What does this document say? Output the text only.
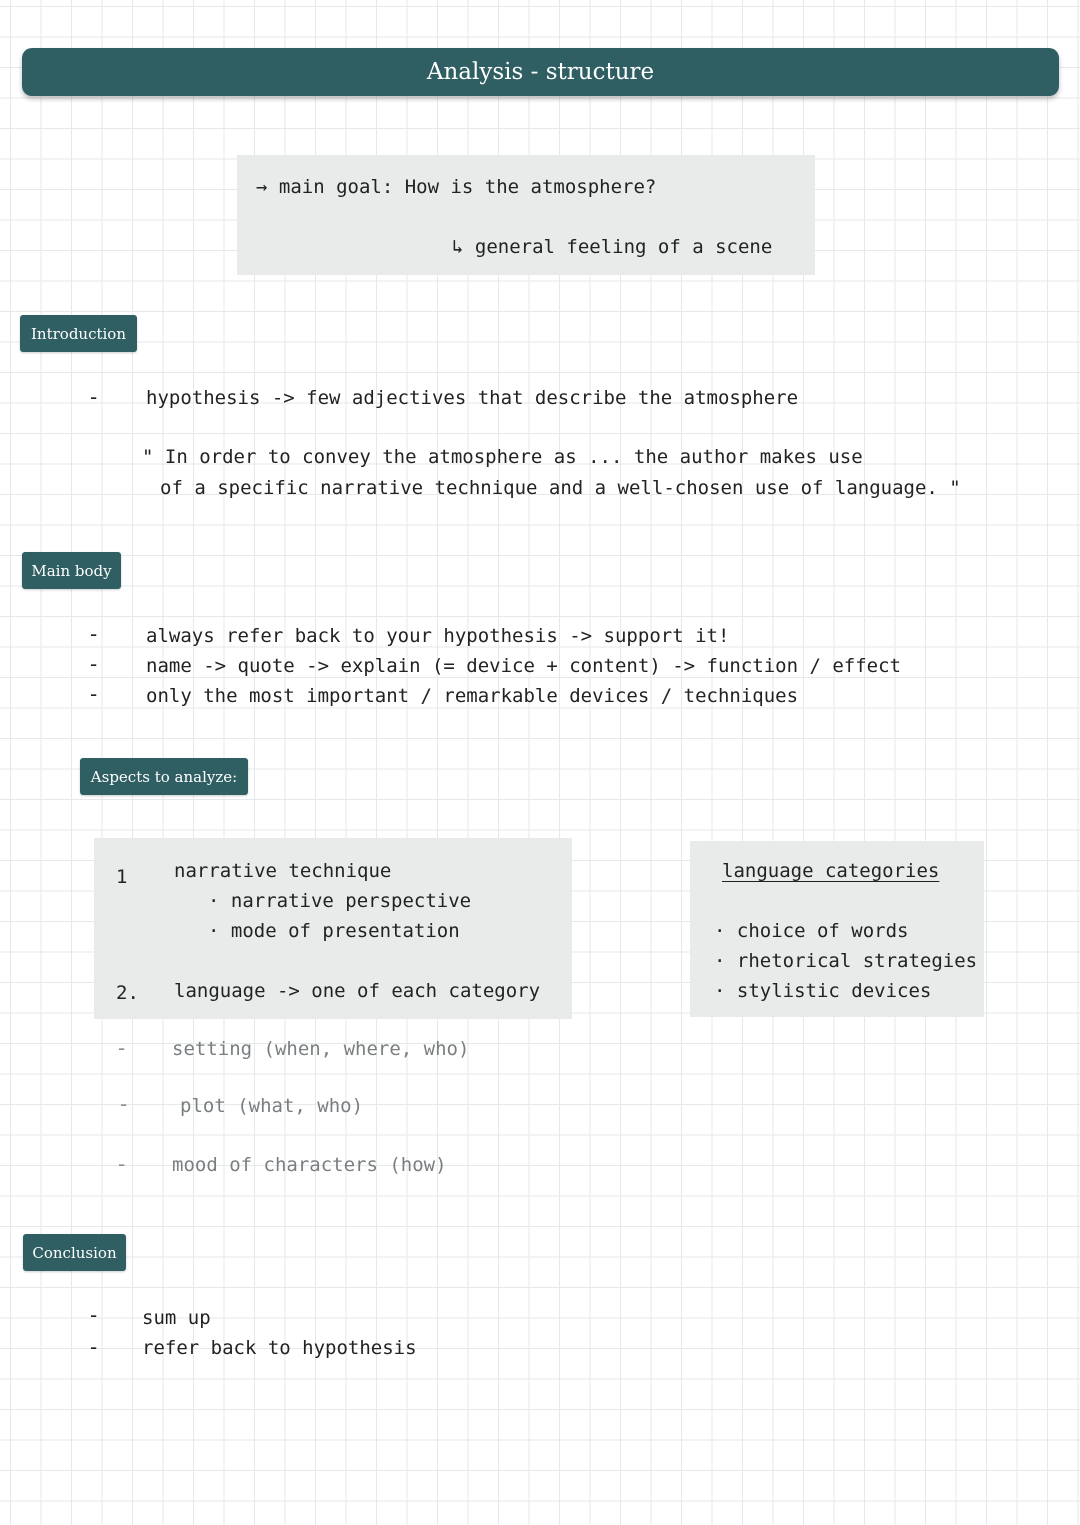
Analysis - structure
→ main goal: How is the atmosphere?
↳ general feeling of a scene
Introduction
-	hypothesis -> few adjectives that describe the atmosphere
" In order to convey the atmosphere as ... the author makes use
of a specific narrative technique and a well-chosen use of language. "
Main body
-
-
-
always refer back to your hypothesis -> support it!
name -> quote -> explain (= device + content) -> function / effect
only the most important / remarkable devices / techniques
Aspects to analyze:
1 narrative technique
· narrative perspective
· mode of presentation
2. language -> one of each category
-
-
-
setting (when, where, who)
plot (what, who)
mood of characters (how)
language categories
· choice of words
· rhetorical strategies
· stylistic devices
Conclusion
-
-
sum up
refer back to hypothesis
